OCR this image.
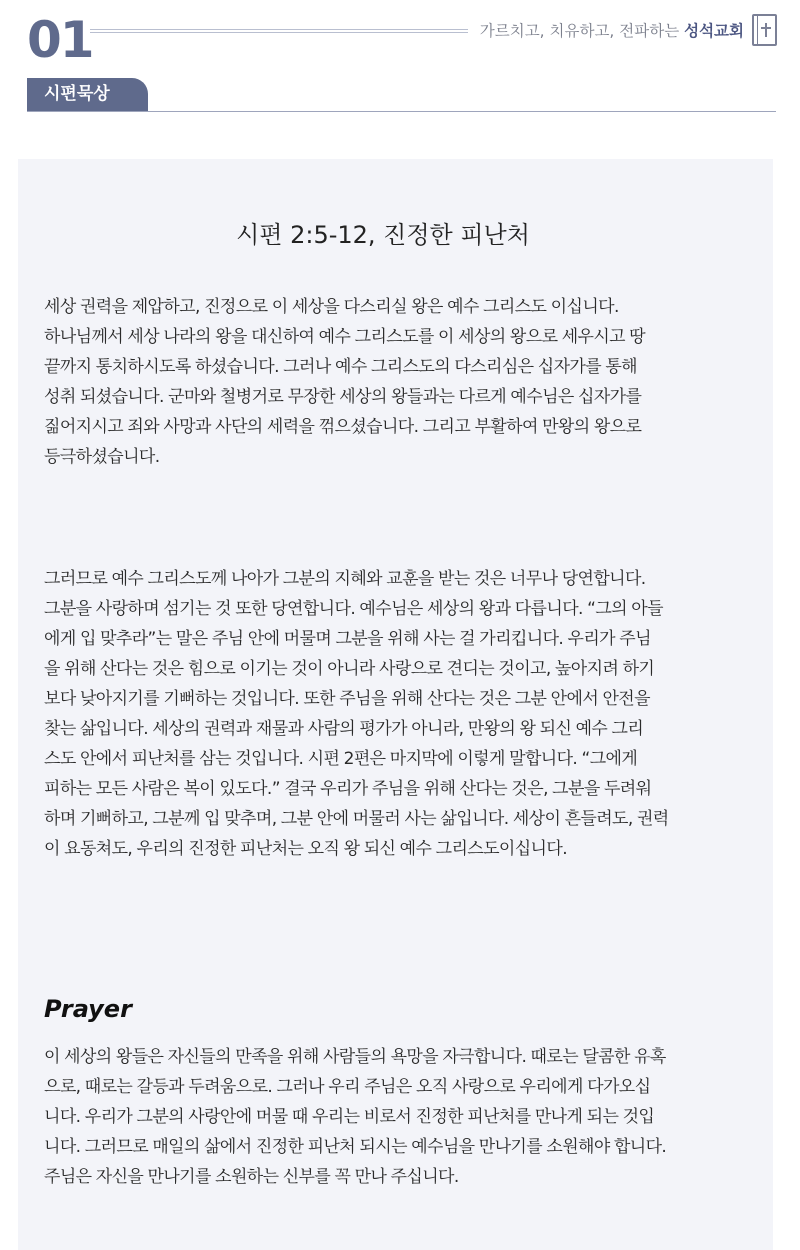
01	가르치고, 치유하고, 전파하는 성석교회
시편묵상
시편 2:5-12, 진정한 피난처
세상 권력을 제압하고, 진정으로 이 세상을 다스리실 왕은 예수 그리스도 이십니다.
하나님께서 세상 나라의 왕을 대신하여 예수 그리스도를 이 세상의 왕으로 세우시고 땅
끝까지 통치하시도록 하셨습니다. 그러나 예수 그리스도의 다스리심은 십자가를 통해
성취 되셨습니다. 군마와 철병거로 무장한 세상의 왕들과는 다르게 예수님은 십자가를
짊어지시고 죄와 사망과 사단의 세력을 꺾으셨습니다. 그리고 부활하여 만왕의 왕으로
등극하셨습니다.
그러므로 예수 그리스도께 나아가 그분의 지혜와 교훈을 받는 것은 너무나 당연합니다.
그분을 사랑하며 섬기는 것 또한 당연합니다. 예수님은 세상의 왕과 다릅니다. “그의 아들
에게 입 맞추라”는 말은 주님 안에 머물며 그분을 위해 사는 걸 가리킵니다. 우리가 주님
을 위해 산다는 것은 힘으로 이기는 것이 아니라 사랑으로 견디는 것이고, 높아지려 하기
보다 낮아지기를 기뻐하는 것입니다. 또한 주님을 위해 산다는 것은 그분 안에서 안전을
찾는 삶입니다. 세상의 권력과 재물과 사람의 평가가 아니라, 만왕의 왕 되신 예수 그리
스도 안에서 피난처를 삼는 것입니다. 시편 2편은 마지막에 이렇게 말합니다. “그에게
피하는 모든 사람은 복이 있도다.” 결국 우리가 주님을 위해 산다는 것은, 그분을 두려워
하며 기뻐하고, 그분께 입 맞추며, 그분 안에 머물러 사는 삶입니다. 세상이 흔들려도, 권력
이 요동쳐도, 우리의 진정한 피난처는 오직 왕 되신 예수 그리스도이십니다.
Prayer
이 세상의 왕들은 자신들의 만족을 위해 사람들의 욕망을 자극합니다. 때로는 달콤한 유혹
으로, 때로는 갈등과 두려움으로. 그러나 우리 주님은 오직 사랑으로 우리에게 다가오십
니다. 우리가 그분의 사랑안에 머물 때 우리는 비로서 진정한 피난처를 만나게 되는 것입
니다. 그러므로 매일의 삶에서 진정한 피난처 되시는 예수님을 만나기를 소원해야 합니다.
주님은 자신을 만나기를 소원하는 신부를 꼭 만나 주십니다.
